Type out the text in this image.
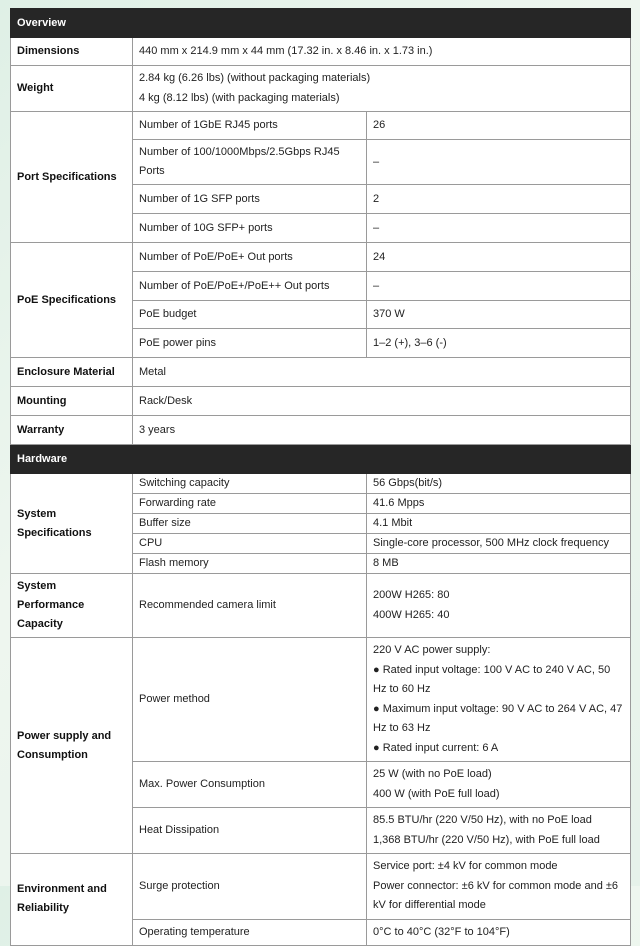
Overview		
Dimensions	440 mm x 214.9 mm x 44 mm (17.32 in. x 8.46 in. x 1.73 in.)	
Weight	2.84 kg (6.26 lbs) (without packaging materials)
4 kg (8.12 lbs) (with packaging materials)	

Port Specifications	Number of 1GbE RJ45 ports	26
	Number of 100/1000Mbps/2.5Gbps RJ45 Ports	–
	Number of 1G SFP ports	2
	Number of 10G SFP+ ports	–
PoE Specifications	Number of PoE/PoE+ Out ports	24
	Number of PoE/PoE+/PoE++ Out ports	–
	PoE budget	370 W
	PoE power pins	1–2 (+), 3–6 (-)
Enclosure Material	Metal	
Mounting	Rack/Desk	
Warranty	3 years	
Hardware		
System Specifications	Switching capacity	56 Gbps(bit/s)
	Forwarding rate	41.6 Mpps
	Buffer size	4.1 Mbit
	CPU	Single-core processor, 500 MHz clock frequency
	Flash memory	8 MB
System Performance Capacity	Recommended camera limit	200W H265: 80
400W H265: 40

Power supply and Consumption	Power method	220 V AC power supply:
● Rated input voltage: 100 V AC to 240 V AC, 50 Hz to 60 Hz
● Maximum input voltage: 90 V AC to 264 V AC, 47 Hz to 63 Hz
● Rated input current: 6 A

	Max. Power Consumption	25 W (with no PoE load)
400 W (with PoE full load)

	Heat Dissipation	85.5 BTU/hr (220 V/50 Hz), with no PoE load
1,368 BTU/hr (220 V/50 Hz), with PoE full load

Environment and Reliability	Surge protection	Service port: ±4 kV for common mode
Power connector: ±6 kV for common mode and ±6 kV for differential mode

	Operating temperature	0°C to 40°C (32°F to 104°F)
